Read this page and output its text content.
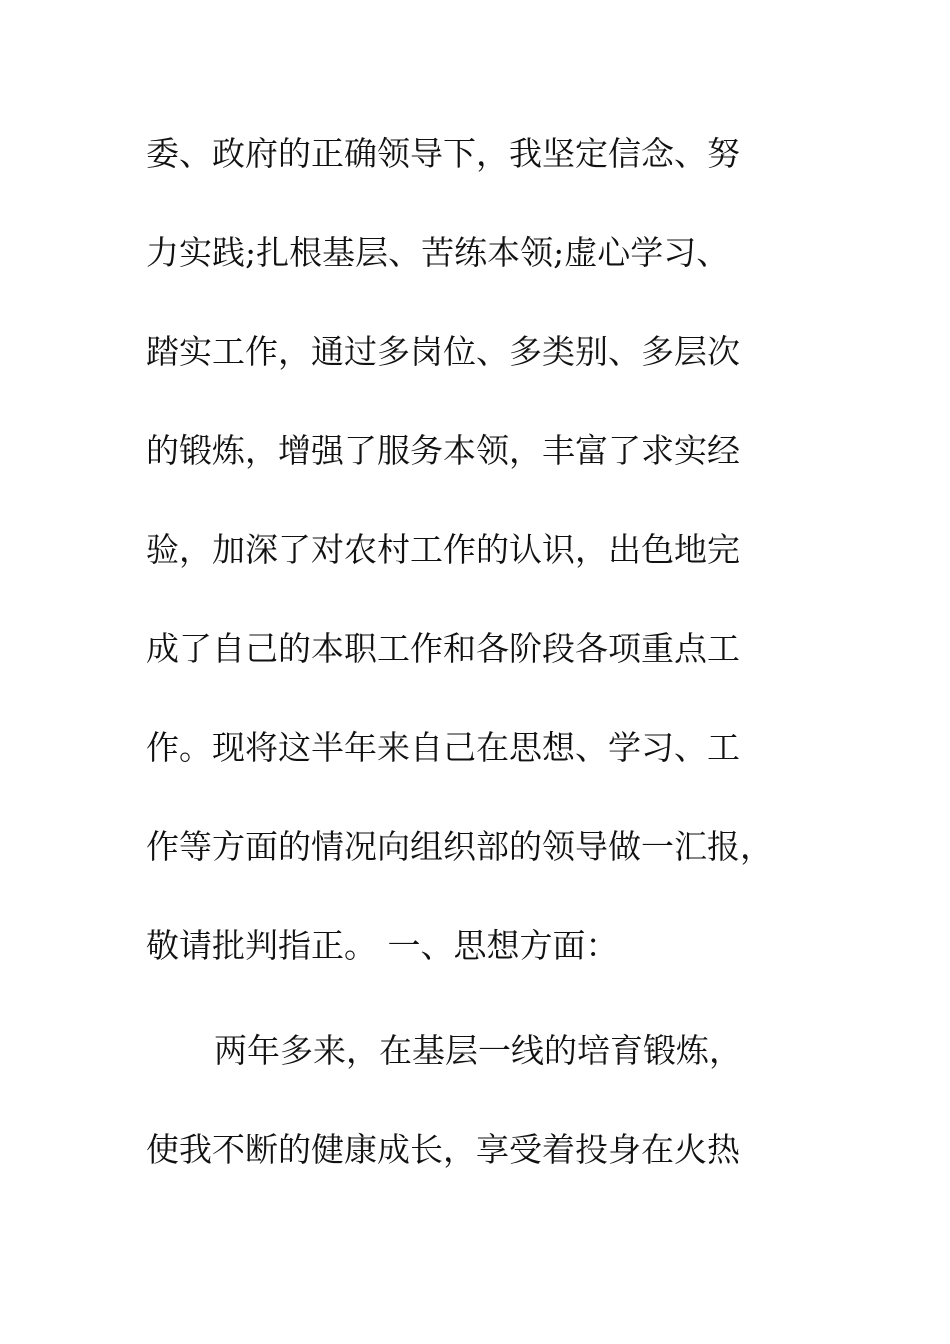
委、政府的正确领导下，我坚定信念、努
力实践;扎根基层、苦练本领;虚心学习、
踏实工作，通过多岗位、多类别、多层次
的锻炼，增强了服务本领，丰富了求实经
验，加深了对农村工作的认识，出色地完
成了自己的本职工作和各阶段各项重点工
作。现将这半年来自己在思想、学习、工
作等方面的情况向组织部的领导做一汇报，
敬请批判指正。 一、思想方面：
两年多来，在基层一线的培育锻炼，
使我不断的健康成长，享受着投身在火热
